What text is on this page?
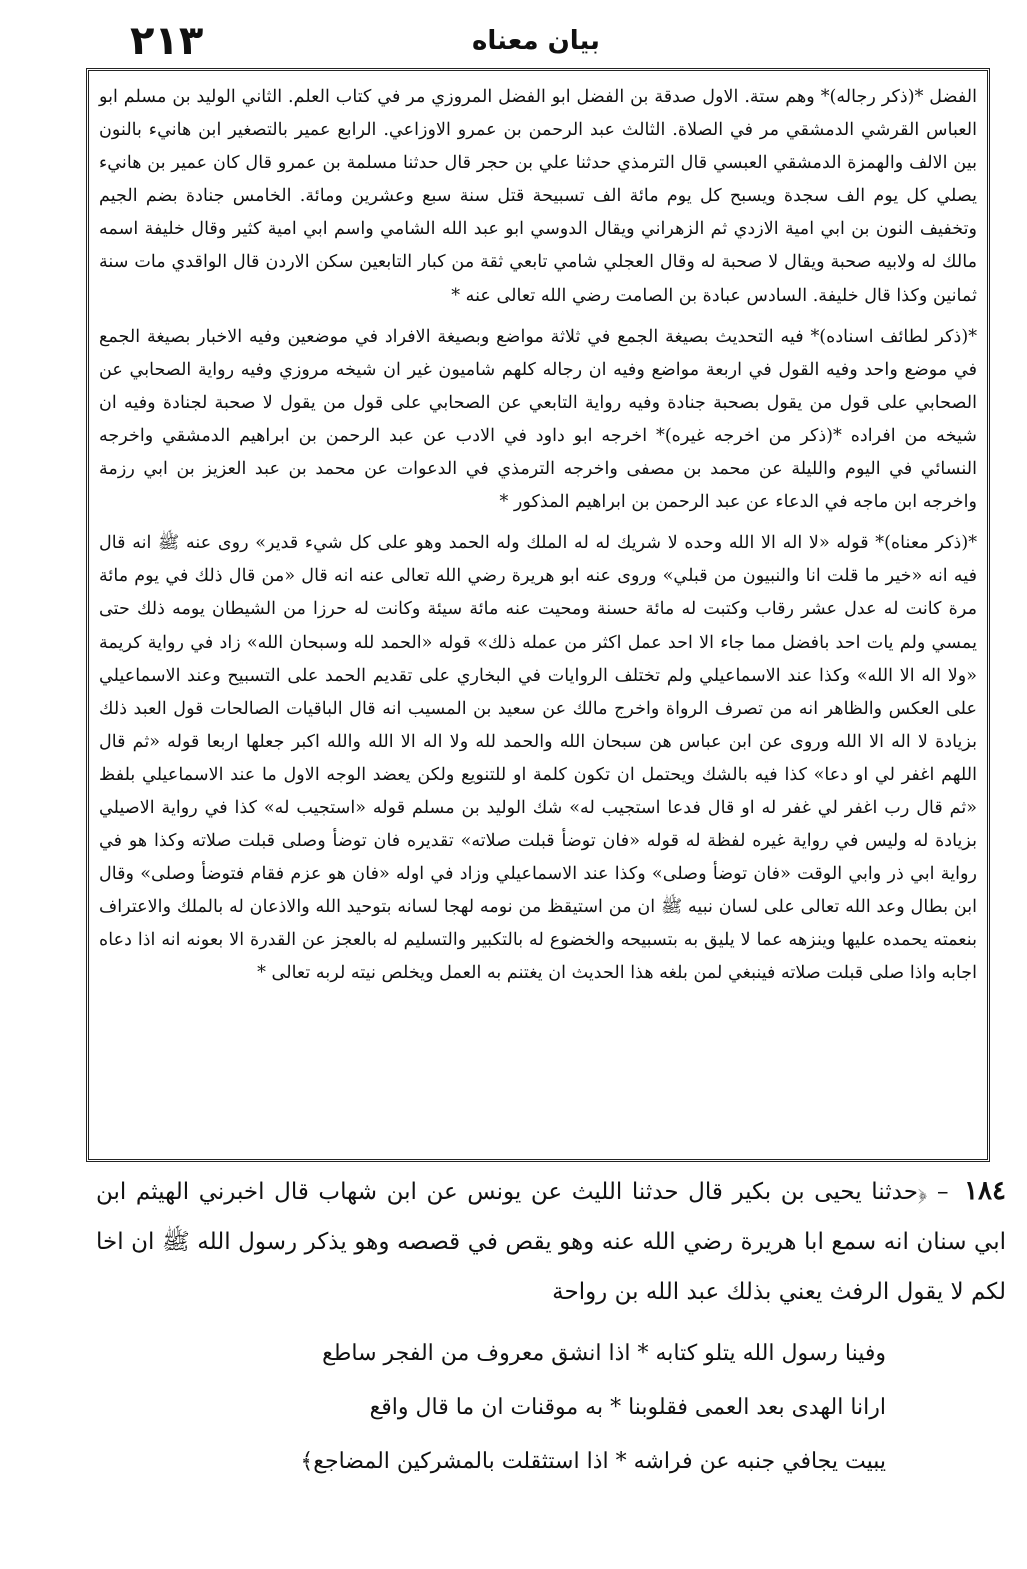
۲۱۳	بیان معناه

الفضل *(ذكر رجاله)* وهم ستة. الاول صدقة بن الفضل ابو الفضل المروزي مر في كتاب العلم. الثاني الوليد بن مسلم ابو العباس القرشي الدمشقي مر في الصلاة. الثالث عبد الرحمن بن عمرو الاوزاعي. الرابع عمير بالتصغير ابن هانيء بالنون بين الالف والهمزة الدمشقي العبسي قال الترمذي حدثنا علي بن حجر قال حدثنا مسلمة بن عمرو قال كان عمير بن هانيء يصلي كل يوم الف سجدة ويسبح كل يوم مائة الف تسبيحة قتل سنة سبع وعشرين ومائة. الخامس جنادة بضم الجيم وتخفيف النون بن ابي امية الازدي ثم الزهراني ويقال الدوسي ابو عبد الله الشامي واسم ابي امية كثير وقال خليفة اسمه مالك له ولابيه صحبة ويقال لا صحبة له وقال العجلي شامي تابعي ثقة من كبار التابعين سكن الاردن قال الواقدي مات سنة ثمانين وكذا قال خليفة. السادس عبادة بن الصامت رضي الله تعالى عنه *

*(ذكر لطائف اسناده)* فيه التحديث بصيغة الجمع في ثلاثة مواضع وبصيغة الافراد في موضعين وفيه الاخبار بصيغة الجمع في موضع واحد وفيه القول في اربعة مواضع وفيه ان رجاله كلهم شاميون غير ان شيخه مروزي وفيه رواية الصحابي عن الصحابي على قول من يقول بصحبة جنادة وفيه رواية التابعي عن الصحابي على قول من يقول لا صحبة لجنادة وفيه ان شيخه من افراده *(ذكر من اخرجه غيره)* اخرجه ابو داود في الادب عن عبد الرحمن بن ابراهيم الدمشقي واخرجه النسائي في اليوم والليلة عن محمد بن مصفى واخرجه الترمذي في الدعوات عن محمد بن عبد العزيز بن ابي رزمة واخرجه ابن ماجه في الدعاء عن عبد الرحمن بن ابراهيم المذكور *

*(ذكر معناه)* قوله «لا اله الا الله وحده لا شريك له له الملك وله الحمد وهو على كل شيء قدير» روى عنه ﷺ انه قال فيه انه «خير ما قلت انا والنبيون من قبلي» وروى عنه ابو هريرة رضي الله تعالى عنه انه قال «من قال ذلك في يوم مائة مرة كانت له عدل عشر رقاب وكتبت له مائة حسنة ومحيت عنه مائة سيئة وكانت له حرزا من الشيطان يومه ذلك حتى يمسي ولم يات احد بافضل مما جاء الا احد عمل اكثر من عمله ذلك» قوله «الحمد لله وسبحان الله» زاد في رواية كريمة «ولا اله الا الله» وكذا عند الاسماعيلي ولم تختلف الروايات في البخاري على تقديم الحمد على التسبيح وعند الاسماعيلي على العكس والظاهر انه من تصرف الرواة واخرج مالك عن سعيد بن المسيب انه قال الباقيات الصالحات قول العبد ذلك بزيادة لا اله الا الله وروى عن ابن عباس هن سبحان الله والحمد لله ولا اله الا الله والله اكبر جعلها اربعا قوله «ثم قال اللهم اغفر لي او دعا» كذا فيه بالشك ويحتمل ان تكون كلمة او للتنويع ولكن يعضد الوجه الاول ما عند الاسماعيلي بلفظ «ثم قال رب اغفر لي غفر له او قال فدعا استجيب له» شك الوليد بن مسلم قوله «استجيب له» كذا في رواية الاصيلي بزيادة له وليس في رواية غيره لفظة له قوله «فان توضأ قبلت صلاته» تقديره فان توضأ وصلى قبلت صلاته وكذا هو في رواية ابي ذر وابي الوقت «فان توضأ وصلى» وكذا عند الاسماعيلي وزاد في اوله «فان هو عزم فقام فتوضأ وصلى» وقال ابن بطال وعد الله تعالى على لسان نبيه ﷺ ان من استيقظ من نومه لهجا لسانه بتوحيد الله والاذعان له بالملك والاعتراف بنعمته يحمده عليها وينزهه عما لا يليق به بتسبيحه والخضوع له بالتكبير والتسليم له بالعجز عن القدرة الا بعونه انه اذا دعاه اجابه واذا صلى قبلت صلاته فينبغي لمن بلغه هذا الحديث ان يغتنم به العمل ويخلص نيته لربه تعالى *

١٨٤ – ﴿حدثنا يحيى بن بكير قال حدثنا الليث عن يونس عن ابن شهاب قال اخبرني الهيثم ابن ابي سنان انه سمع ابا هريرة رضي الله عنه وهو يقص في قصصه وهو يذكر رسول الله ﷺ ان اخا لكم لا يقول الرفث يعني بذلك عبد الله بن رواحة

وفينا رسول الله يتلو كتابه * اذا انشق معروف من الفجر ساطع

ارانا الهدى بعد العمى فقلوبنا * به موقنات ان ما قال واقع

يبيت يجافي جنبه عن فراشه * اذا استثقلت بالمشركين المضاجع﴾
